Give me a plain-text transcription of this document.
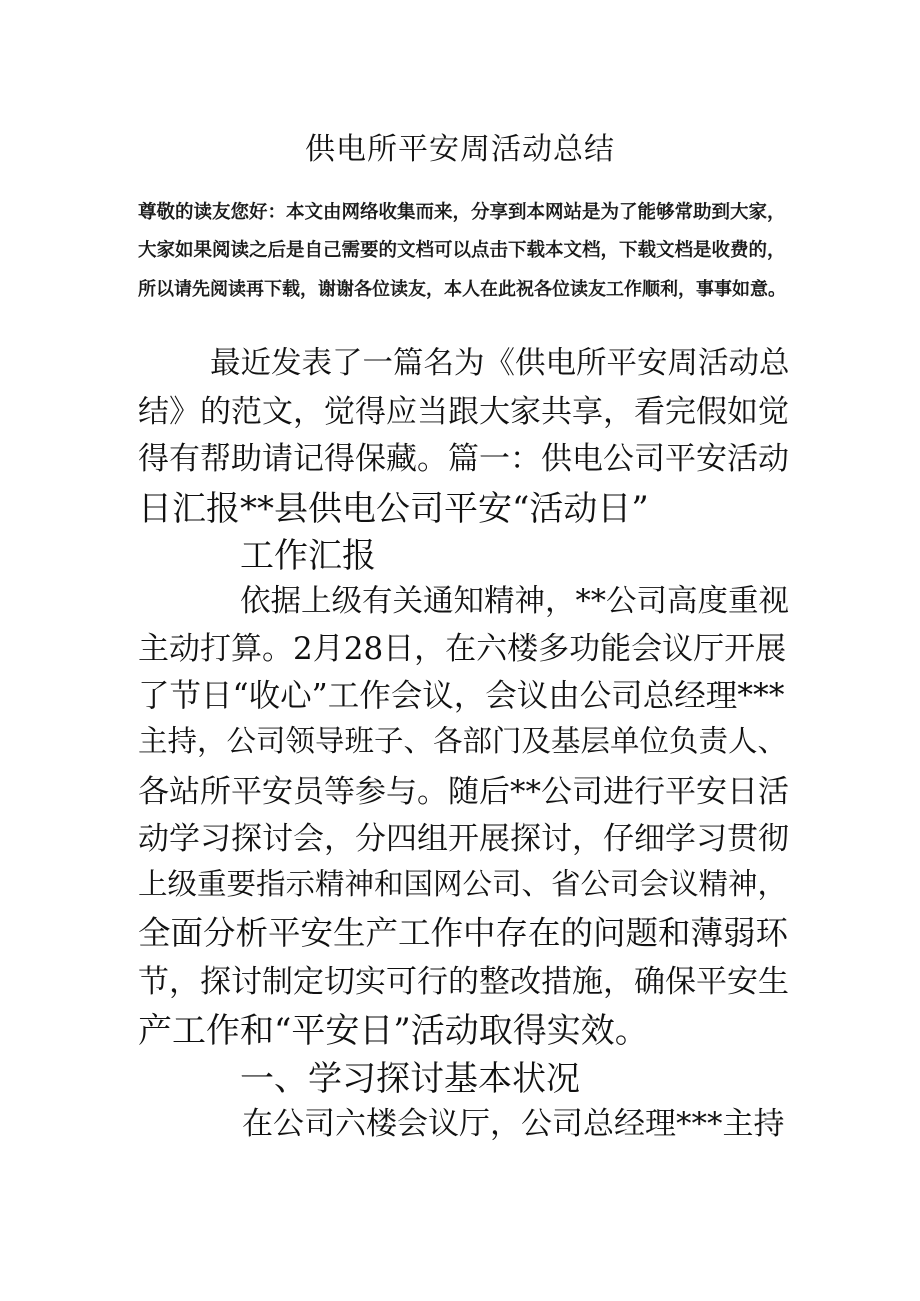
供电所平安周活动总结
尊敬的读友您好：本文由网络收集而来，分享到本网站是为了能够常助到大家，
大家如果阅读之后是自己需要的文档可以点击下载本文档，下载文档是收费的，
所以请先阅读再下载，谢谢各位读友，本人在此祝各位读友工作顺利，事事如意。
最近发表了一篇名为《供电所平安周活动总
结》的范文，觉得应当跟大家共享，看完假如觉
得有帮助请记得保藏。篇一：供电公司平安活动
日汇报**县供电公司平安“活动日”
工作汇报
依据上级有关通知精神，**公司高度重视
主动打算。2月28日，在六楼多功能会议厅开展
了节日“收心”工作会议，会议由公司总经理***
主持，公司领导班子、各部门及基层单位负责人、
各站所平安员等参与。随后**公司进行平安日活
动学习探讨会，分四组开展探讨，仔细学习贯彻
上级重要指示精神和国网公司、省公司会议精神，
全面分析平安生产工作中存在的问题和薄弱环
节，探讨制定切实可行的整改措施，确保平安生
产工作和“平安日”活动取得实效。
一、学习探讨基本状况
在公司六楼会议厅，公司总经理***主持
